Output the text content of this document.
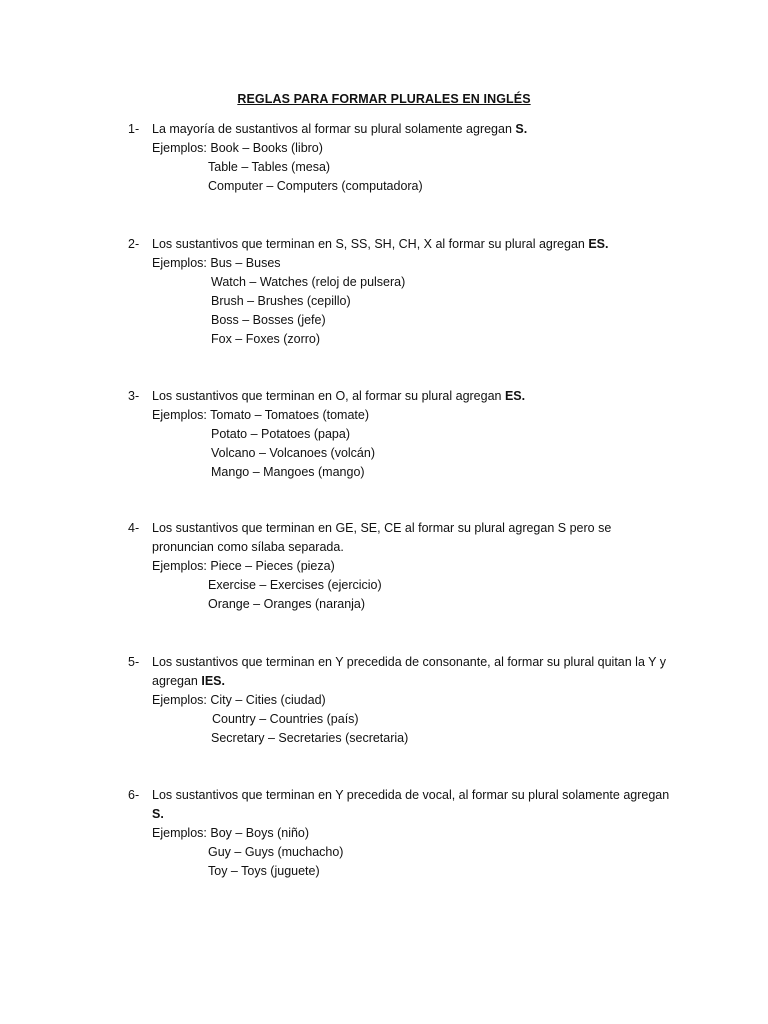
REGLAS PARA FORMAR PLURALES EN INGLÉS
1- La mayoría de sustantivos al formar su plural solamente agregan S.
Ejemplos: Book – Books (libro)
Table – Tables (mesa)
Computer – Computers (computadora)
2- Los sustantivos que terminan en S, SS, SH, CH, X al formar su plural agregan ES.
Ejemplos: Bus – Buses
Watch – Watches (reloj de pulsera)
Brush – Brushes (cepillo)
Boss – Bosses (jefe)
Fox – Foxes (zorro)
3- Los sustantivos que terminan en O, al formar su plural agregan ES.
Ejemplos: Tomato – Tomatoes (tomate)
Potato – Potatoes (papa)
Volcano – Volcanoes (volcán)
Mango – Mangoes (mango)
4- Los sustantivos que terminan en GE, SE, CE al formar su plural agregan S pero se pronuncian como sílaba separada.
Ejemplos: Piece – Pieces (pieza)
Exercise – Exercises (ejercicio)
Orange – Oranges (naranja)
5- Los sustantivos que terminan en Y precedida de consonante, al formar su plural quitan la Y y agregan IES.
Ejemplos: City – Cities (ciudad)
Country – Countries (país)
Secretary – Secretaries (secretaria)
6- Los sustantivos que terminan en Y precedida de vocal, al formar su plural solamente agregan S.
Ejemplos: Boy – Boys (niño)
Guy – Guys (muchacho)
Toy – Toys (juguete)
